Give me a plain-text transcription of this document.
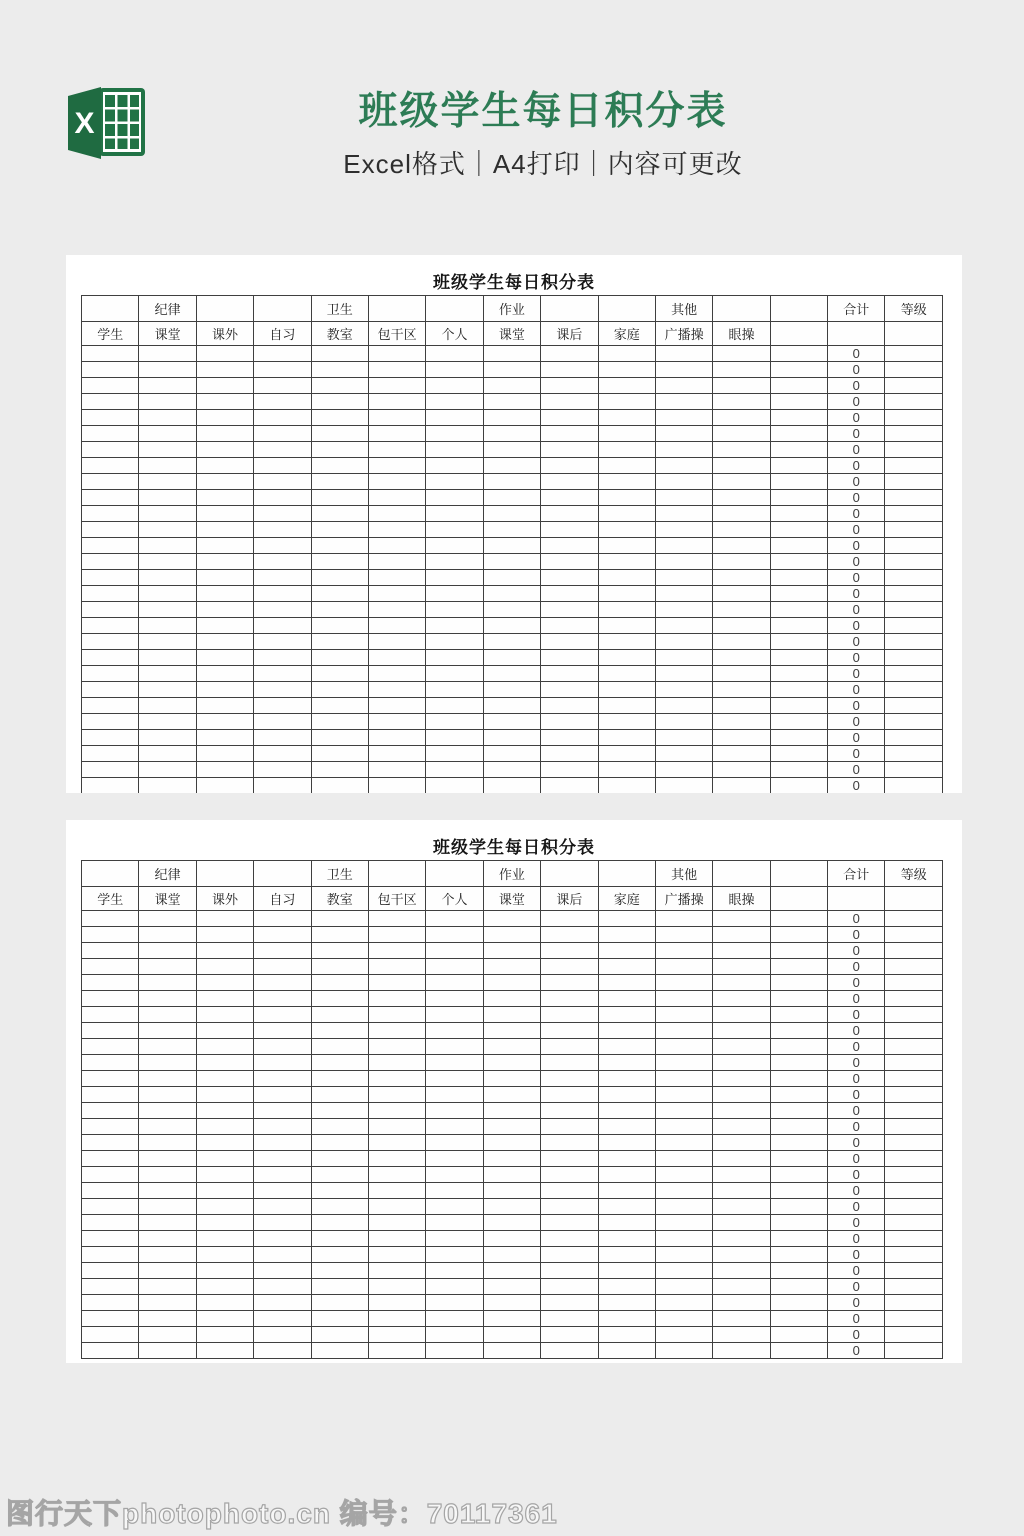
X	班级学生每日积分表
Excel格式｜A4打印｜内容可更改
班级学生每日积分表
	纪律			卫生			作业			其他			合计	等级
学生	课堂	课外	自习	教室	包干区	个人	课堂	课后	家庭	广播操	眼操			
													0	
													0	
													0	
													0	
													0	
													0	
													0	
													0	
													0	
													0	
													0	
													0	
													0	
													0	
													0	
													0	
													0	
													0	
													0	
													0	
													0	
													0	
													0	
													0	
													0	
													0	
													0	
													0	
班级学生每日积分表
	纪律			卫生			作业			其他			合计	等级
学生	课堂	课外	自习	教室	包干区	个人	课堂	课后	家庭	广播操	眼操			
													0	
													0	
													0	
													0	
													0	
													0	
													0	
													0	
													0	
													0	
													0	
													0	
													0	
													0	
													0	
													0	
													0	
													0	
													0	
													0	
													0	
													0	
													0	
													0	
													0	
													0	
													0	
													0	
图行天下photophoto.cn 编号：70117361
